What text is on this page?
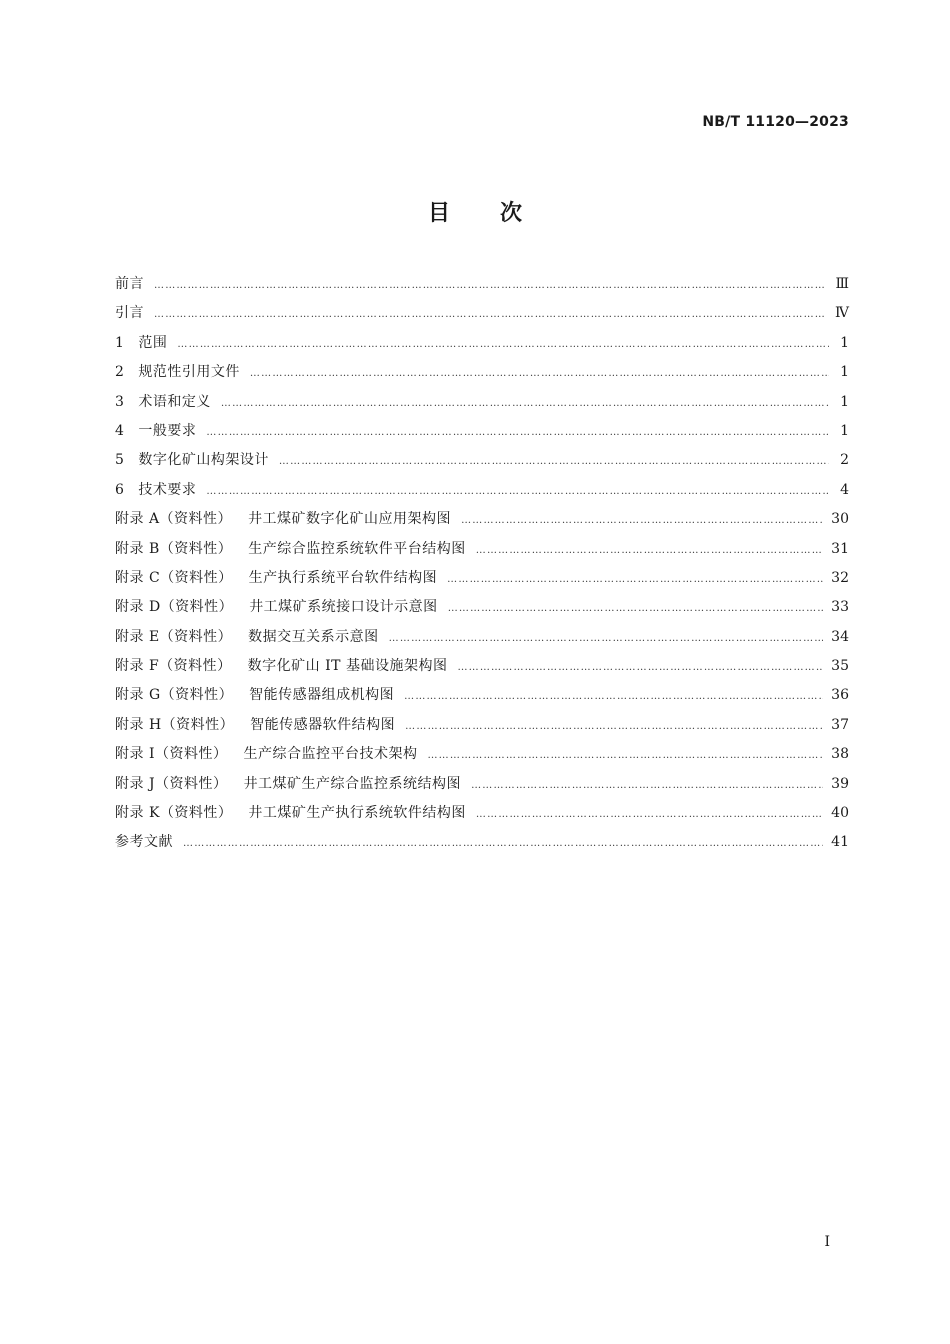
NB/T 11120—2023
目次
前言 ……………………………………………………………………………………………………………………………………………………………………………………………………………………………………………………………	Ⅲ
引言 ……………………………………………………………………………………………………………………………………………………………………………………………………………………………………………………………	Ⅳ
1 范围 ……………………………………………………………………………………………………………………………………………………………………………………………………………………………………………………………	1
2 规范性引用文件 ……………………………………………………………………………………………………………………………………………………………………………………………………………………………………………………………	1
3 术语和定义 ……………………………………………………………………………………………………………………………………………………………………………………………………………………………………………………………	1
4 一般要求 ……………………………………………………………………………………………………………………………………………………………………………………………………………………………………………………………	1
5 数字化矿山构架设计 ……………………………………………………………………………………………………………………………………………………………………………………………………………………………………………………………	2
6 技术要求 ……………………………………………………………………………………………………………………………………………………………………………………………………………………………………………………………	4
附录 A（资料性） 井工煤矿数字化矿山应用架构图 ……………………………………………………………………………………………………………………………………………………………………………………………………………………………………………………………	30
附录 B（资料性） 生产综合监控系统软件平台结构图 ……………………………………………………………………………………………………………………………………………………………………………………………………………………………………………………………	31
附录 C（资料性） 生产执行系统平台软件结构图 ……………………………………………………………………………………………………………………………………………………………………………………………………………………………………………………………	32
附录 D（资料性） 井工煤矿系统接口设计示意图 ……………………………………………………………………………………………………………………………………………………………………………………………………………………………………………………………	33
附录 E（资料性） 数据交互关系示意图 ……………………………………………………………………………………………………………………………………………………………………………………………………………………………………………………………	34
附录 F（资料性） 数字化矿山 IT 基础设施架构图 ……………………………………………………………………………………………………………………………………………………………………………………………………………………………………………………………	35
附录 G（资料性） 智能传感器组成机构图 ……………………………………………………………………………………………………………………………………………………………………………………………………………………………………………………………	36
附录 H（资料性） 智能传感器软件结构图 ……………………………………………………………………………………………………………………………………………………………………………………………………………………………………………………………	37
附录 I（资料性） 生产综合监控平台技术架构 ……………………………………………………………………………………………………………………………………………………………………………………………………………………………………………………………	38
附录 J（资料性） 井工煤矿生产综合监控系统结构图 ……………………………………………………………………………………………………………………………………………………………………………………………………………………………………………………………	39
附录 K（资料性） 井工煤矿生产执行系统软件结构图 ……………………………………………………………………………………………………………………………………………………………………………………………………………………………………………………………	40
参考文献 ……………………………………………………………………………………………………………………………………………………………………………………………………………………………………………………………	41
I
